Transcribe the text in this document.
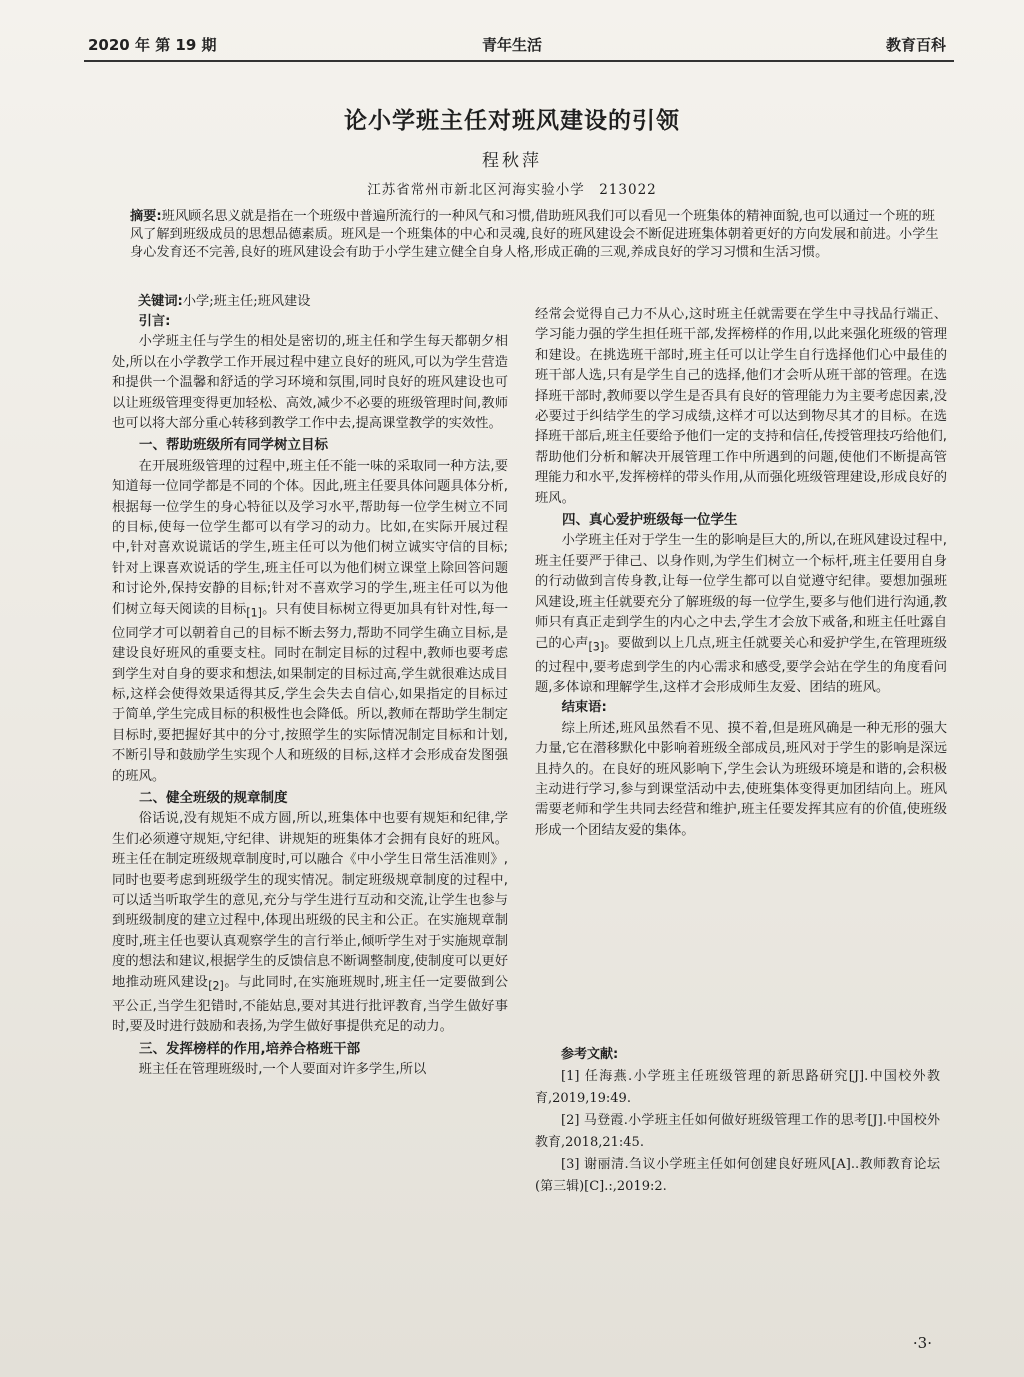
2020 年 第 19 期	青年生活	教育百科
论小学班主任对班风建设的引领
程秋萍
江苏省常州市新北区河海实验小学　213022
摘要:班风顾名思义就是指在一个班级中普遍所流行的一种风气和习惯,借助班风我们可以看见一个班集体的精神面貌,也可以通过一个班的班风了解到班级成员的思想品德素质。班风是一个班集体的中心和灵魂,良好的班风建设会不断促进班集体朝着更好的方向发展和前进。小学生身心发育还不完善,良好的班风建设会有助于小学生建立健全自身人格,形成正确的三观,养成良好的学习习惯和生活习惯。
关键词:小学;班主任;班风建设
引言:

小学班主任与学生的相处是密切的,班主任和学生每天都朝夕相处,所以在小学教学工作开展过程中建立良好的班风,可以为学生营造和提供一个温馨和舒适的学习环境和氛围,同时良好的班风建设也可以让班级管理变得更加轻松、高效,减少不必要的班级管理时间,教师也可以将大部分重心转移到教学工作中去,提高课堂教学的实效性。

一、帮助班级所有同学树立目标

在开展班级管理的过程中,班主任不能一味的采取同一种方法,要知道每一位同学都是不同的个体。因此,班主任要具体问题具体分析,根据每一位学生的身心特征以及学习水平,帮助每一位学生树立不同的目标,使每一位学生都可以有学习的动力。比如,在实际开展过程中,针对喜欢说谎话的学生,班主任可以为他们树立诚实守信的目标;针对上课喜欢说话的学生,班主任可以为他们树立课堂上除回答问题和讨论外,保持安静的目标;针对不喜欢学习的学生,班主任可以为他们树立每天阅读的目标$_{[1]}$。只有使目标树立得更加具有针对性,每一位同学才可以朝着自己的目标不断去努力,帮助不同学生确立目标,是建设良好班风的重要支柱。同时在制定目标的过程中,教师也要考虑到学生对自身的要求和想法,如果制定的目标过高,学生就很难达成目标,这样会使得效果适得其反,学生会失去自信心,如果指定的目标过于简单,学生完成目标的积极性也会降低。所以,教师在帮助学生制定目标时,要把握好其中的分寸,按照学生的实际情况制定目标和计划,不断引导和鼓励学生实现个人和班级的目标,这样才会形成奋发图强的班风。

二、健全班级的规章制度

俗话说,没有规矩不成方圆,所以,班集体中也要有规矩和纪律,学生们必须遵守规矩,守纪律、讲规矩的班集体才会拥有良好的班风。班主任在制定班级规章制度时,可以融合《中小学生日常生活准则》,同时也要考虑到班级学生的现实情况。制定班级规章制度的过程中,可以适当听取学生的意见,充分与学生进行互动和交流,让学生也参与到班级制度的建立过程中,体现出班级的民主和公正。在实施规章制度时,班主任也要认真观察学生的言行举止,倾听学生对于实施规章制度的想法和建议,根据学生的反馈信息不断调整制度,使制度可以更好地推动班风建设$_{[2]}$。与此同时,在实施班规时,班主任一定要做到公平公正,当学生犯错时,不能姑息,要对其进行批评教育,当学生做好事时,要及时进行鼓励和表扬,为学生做好事提供充足的动力。

三、发挥榜样的作用,培养合格班干部

班主任在管理班级时,一个人要面对许多学生,所以

经常会觉得自己力不从心,这时班主任就需要在学生中寻找品行端正、学习能力强的学生担任班干部,发挥榜样的作用,以此来强化班级的管理和建设。在挑选班干部时,班主任可以让学生自行选择他们心中最佳的班干部人选,只有是学生自己的选择,他们才会听从班干部的管理。在选择班干部时,教师要以学生是否具有良好的管理能力为主要考虑因素,没必要过于纠结学生的学习成绩,这样才可以达到物尽其才的目标。在选择班干部后,班主任要给予他们一定的支持和信任,传授管理技巧给他们,帮助他们分析和解决开展管理工作中所遇到的问题,使他们不断提高管理能力和水平,发挥榜样的带头作用,从而强化班级管理建设,形成良好的班风。

四、真心爱护班级每一位学生

小学班主任对于学生一生的影响是巨大的,所以,在班风建设过程中,班主任要严于律己、以身作则,为学生们树立一个标杆,班主任要用自身的行动做到言传身教,让每一位学生都可以自觉遵守纪律。要想加强班风建设,班主任就要充分了解班级的每一位学生,要多与他们进行沟通,教师只有真正走到学生的内心之中去,学生才会放下戒备,和班主任吐露自己的心声$_{[3]}$。要做到以上几点,班主任就要关心和爱护学生,在管理班级的过程中,要考虑到学生的内心需求和感受,要学会站在学生的角度看问题,多体谅和理解学生,这样才会形成师生友爱、团结的班风。

结束语:

综上所述,班风虽然看不见、摸不着,但是班风确是一种无形的强大力量,它在潜移默化中影响着班级全部成员,班风对于学生的影响是深远且持久的。在良好的班风影响下,学生会认为班级环境是和谐的,会积极主动进行学习,参与到课堂活动中去,使班集体变得更加团结向上。班风需要老师和学生共同去经营和维护,班主任要发挥其应有的价值,使班级形成一个团结友爱的集体。

参考文献:

[1] 任海燕.小学班主任班级管理的新思路研究[J].中国校外教育,2019,19:49.

[2] 马登霞.小学班主任如何做好班级管理工作的思考[J].中国校外教育,2018,21:45.

[3] 谢丽清.刍议小学班主任如何创建良好班风[A]..教师教育论坛(第三辑)[C].:,2019:2.

·3·
